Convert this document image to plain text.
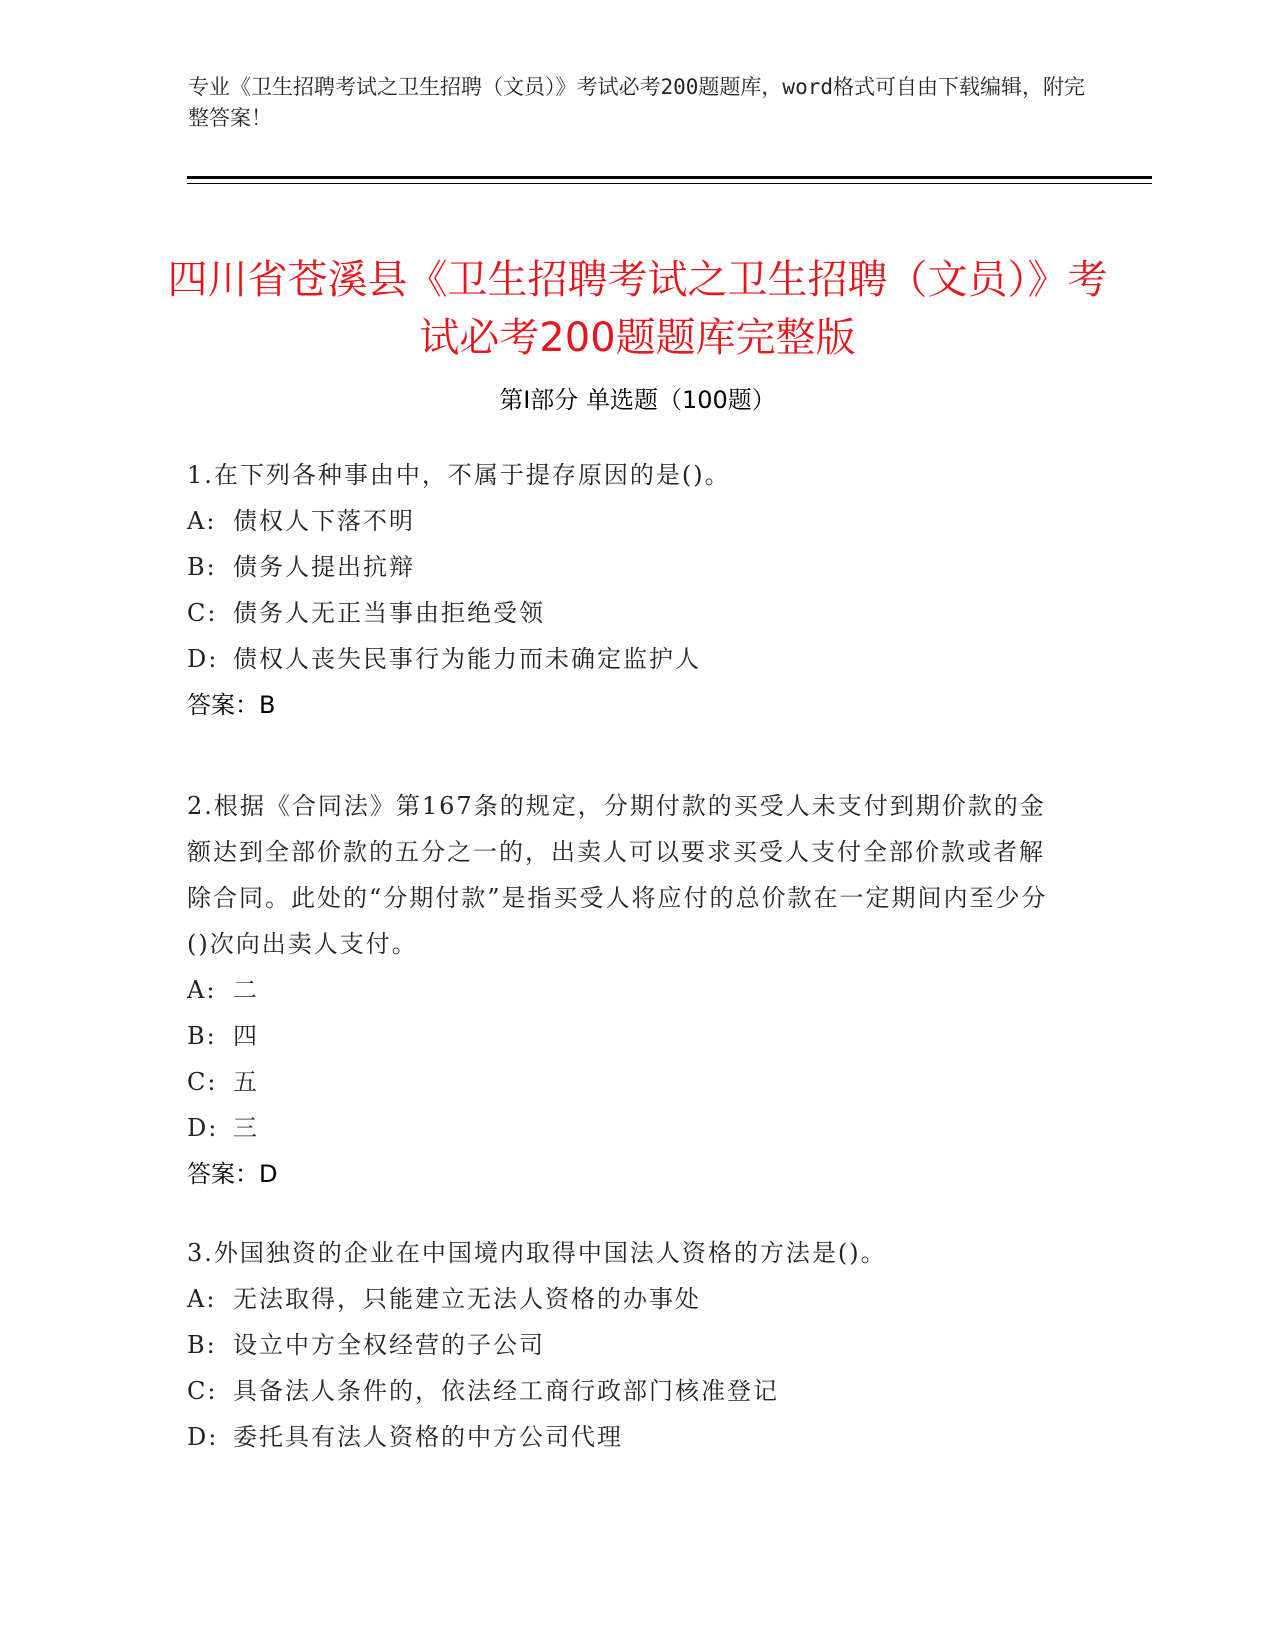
专业《卫生招聘考试之卫生招聘（文员）》考试必考200题题库，word格式可自由下载编辑，附完整答案！
四川省苍溪县《卫生招聘考试之卫生招聘（文员）》考试必考200题题库完整版
第Ⅰ部分 单选题（100题）
1.在下列各种事由中，不属于提存原因的是()。
A: 债权人下落不明
B: 债务人提出抗辩
C: 债务人无正当事由拒绝受领
D: 债权人丧失民事行为能力而未确定监护人
答案：B
2.根据《合同法》第167条的规定，分期付款的买受人未支付到期价款的金额达到全部价款的五分之一的，出卖人可以要求买受人支付全部价款或者解除合同。此处的“分期付款”是指买受人将应付的总价款在一定期间内至少分()次向出卖人支付。
A: 二
B: 四
C: 五
D: 三
答案：D
3.外国独资的企业在中国境内取得中国法人资格的方法是()。
A: 无法取得，只能建立无法人资格的办事处
B: 设立中方全权经营的子公司
C: 具备法人条件的，依法经工商行政部门核准登记
D: 委托具有法人资格的中方公司代理
